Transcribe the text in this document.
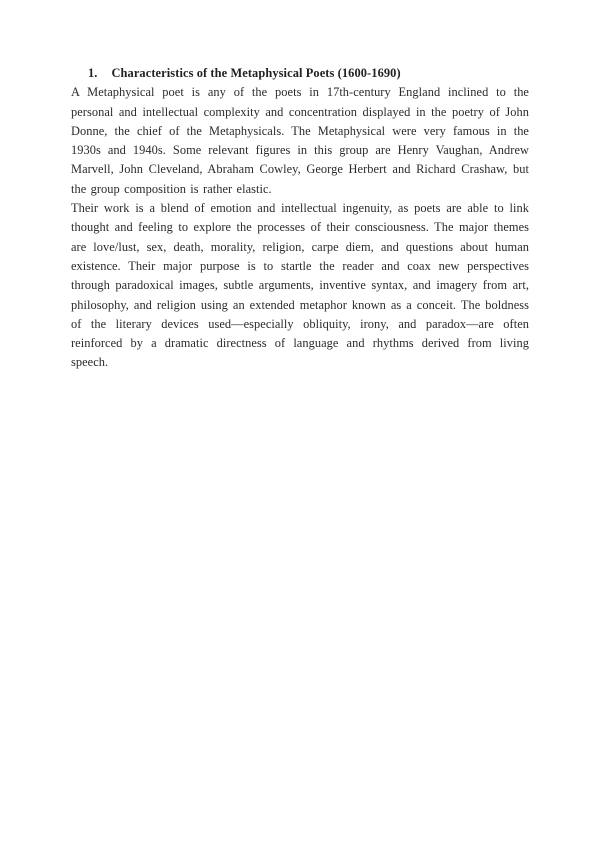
1. Characteristics of the Metaphysical Poets (1600-1690)

A Metaphysical poet is any of the poets in 17th-century England inclined to the personal and intellectual complexity and concentration displayed in the poetry of John Donne, the chief of the Metaphysicals. The Metaphysical were very famous in the 1930s and 1940s. Some relevant figures in this group are Henry Vaughan, Andrew Marvell, John Cleveland, Abraham Cowley, George Herbert and Richard Crashaw, but the group composition is rather elastic.

Their work is a blend of emotion and intellectual ingenuity, as poets are able to link thought and feeling to explore the processes of their consciousness. The major themes are love/lust, sex, death, morality, religion, carpe diem, and questions about human existence. Their major purpose is to startle the reader and coax new perspectives through paradoxical images, subtle arguments, inventive syntax, and imagery from art, philosophy, and religion using an extended metaphor known as a conceit. The boldness of the literary devices used—especially obliquity, irony, and paradox—are often reinforced by a dramatic directness of language and rhythms derived from living speech.
